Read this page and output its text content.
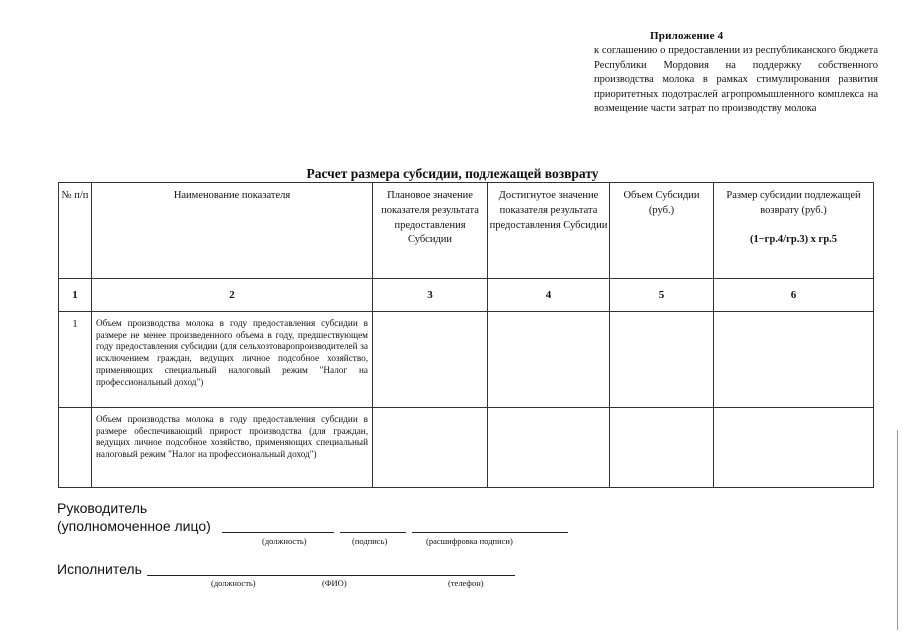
Приложение 4
к соглашению о предоставлении из республиканского бюджета Республики Мордовия на поддержку собственного производства молока в рамках стимулирования развития приоритетных подотраслей агропромышленного комплекса на возмещение части затрат по производству молока
Расчет размера субсидии, подлежащей возврату
№ п/п	Наименование показателя	Плановое значение показателя результата предоставления Субсидии	Достигнутое значение показателя результата предоставления Субсидии	Объем Субсидии (руб.)	Размер субсидии подлежащей возврату (руб.)
(1−гр.4/гр.3) x гр.5

1	2	3	4	5	6
1	Объем производства молока в году предоставления субсидии в размере не менее произведенного объема в году, предшествующем году предоставления субсидии (для сельхозтоваропроизводителей за исключением граждан, ведущих личное подсобное хозяйство, применяющих специальный налоговый режим "Налог на профессиональный доход")				
	Объем производства молока в году предоставления субсидии в размере обеспечивающий прирост производства (для граждан, ведущих личное подсобное хозяйство, применяющих специальный налоговый режим "Налог на профессиональный доход")				
Руководитель
(уполномоченное лицо)
(должность)	(подпись)	(расшифровка подписи)
Исполнитель
(должность)	(ФИО)	(телефон)
